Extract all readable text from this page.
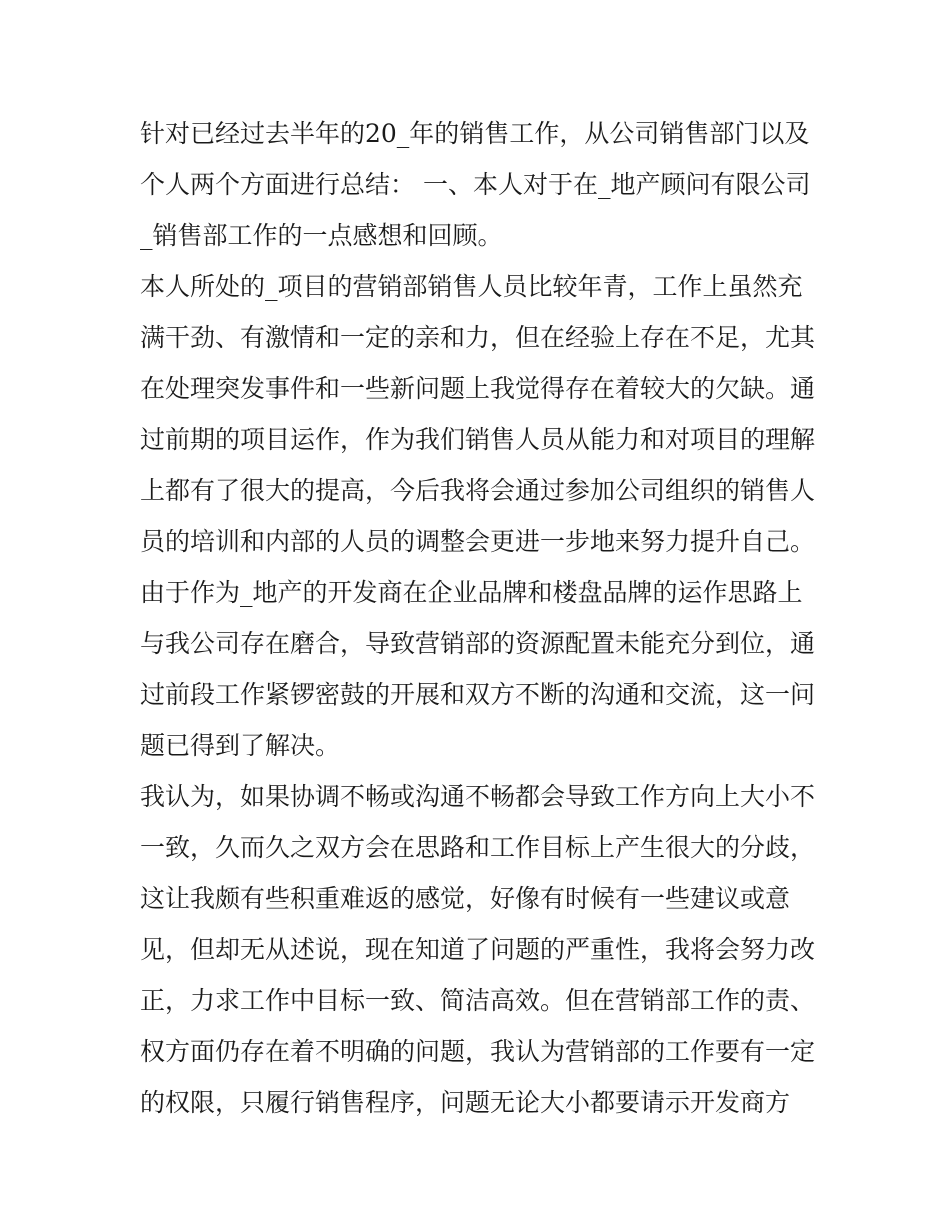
针对已经过去半年的20_年的销售工作，从公司销售部门以及
个人两个方面进行总结： 一、本人对于在_地产顾问有限公司
_销售部工作的一点感想和回顾。
本人所处的_项目的营销部销售人员比较年青，工作上虽然充
满干劲、有激情和一定的亲和力，但在经验上存在不足，尤其
在处理突发事件和一些新问题上我觉得存在着较大的欠缺。通
过前期的项目运作，作为我们销售人员从能力和对项目的理解
上都有了很大的提高，今后我将会通过参加公司组织的销售人
员的培训和内部的人员的调整会更进一步地来努力提升自己。
由于作为_地产的开发商在企业品牌和楼盘品牌的运作思路上
与我公司存在磨合，导致营销部的资源配置未能充分到位，通
过前段工作紧锣密鼓的开展和双方不断的沟通和交流，这一问
题已得到了解决。
我认为，如果协调不畅或沟通不畅都会导致工作方向上大小不
一致，久而久之双方会在思路和工作目标上产生很大的分歧，
这让我颇有些积重难返的感觉，好像有时候有一些建议或意
见，但却无从述说，现在知道了问题的严重性，我将会努力改
正，力求工作中目标一致、简洁高效。但在营销部工作的责、
权方面仍存在着不明确的问题，我认为营销部的工作要有一定
的权限，只履行销售程序，问题无论大小都要请示开发商方
